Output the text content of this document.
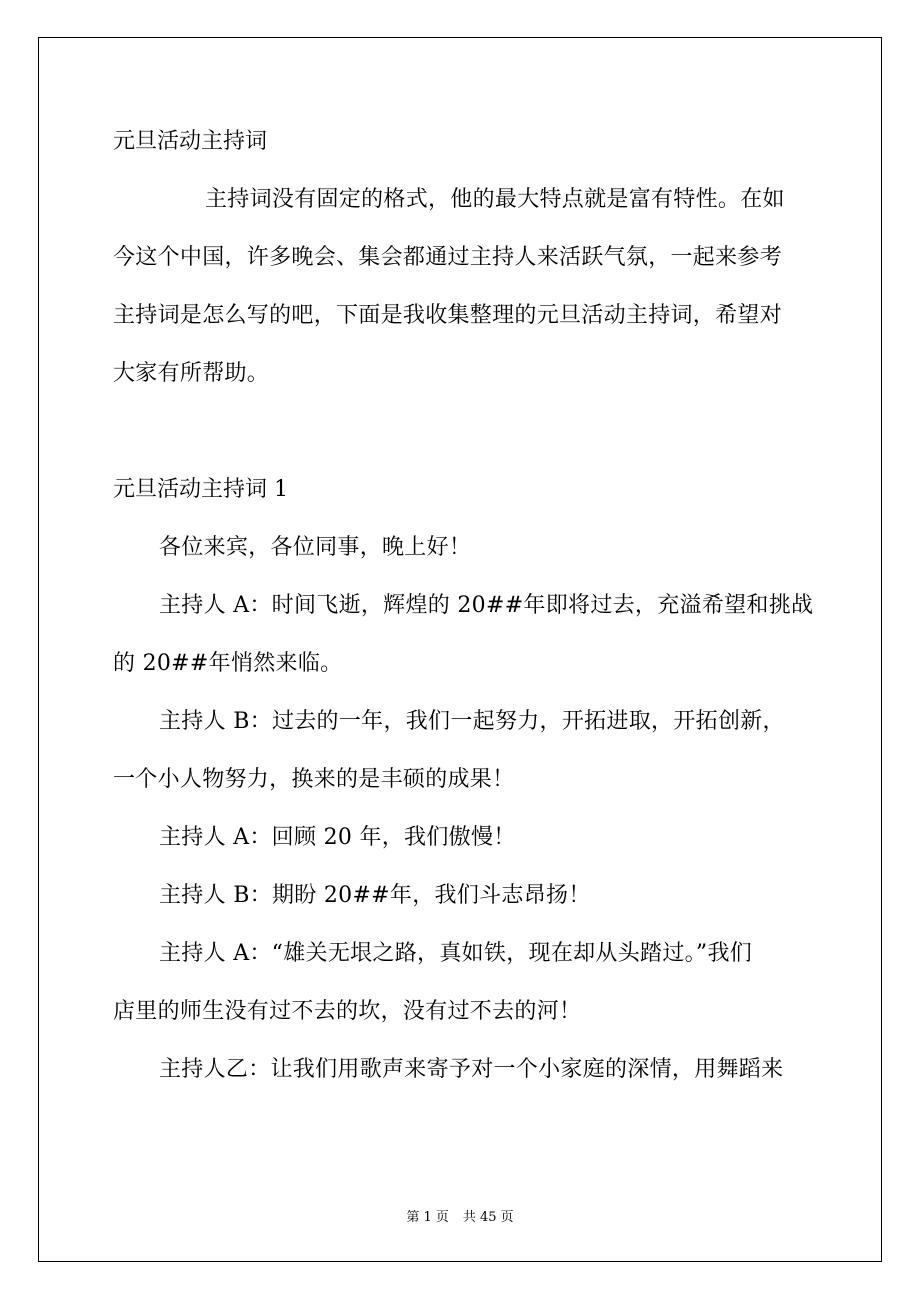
元旦活动主持词
主持词没有固定的格式，他的最大特点就是富有特性。在如
今这个中国，许多晚会、集会都通过主持人来活跃气氛，一起来参考
主持词是怎么写的吧，下面是我收集整理的元旦活动主持词，希望对
大家有所帮助。
元旦活动主持词 1
各位来宾，各位同事，晚上好！
主持人 A：时间飞逝，辉煌的 20##年即将过去，充溢希望和挑战
的 20##年悄然来临。
主持人 B：过去的一年，我们一起努力，开拓进取，开拓创新，
一个小人物努力，换来的是丰硕的成果！
主持人 A：回顾 20 年，我们傲慢！
主持人 B：期盼 20##年，我们斗志昂扬！
主持人 A：“雄关无垠之路，真如铁，现在却从头踏过。”我们
店里的师生没有过不去的坎，没有过不去的河！
主持人乙：让我们用歌声来寄予对一个小家庭的深情，用舞蹈来
第 1 页 共 45 页
